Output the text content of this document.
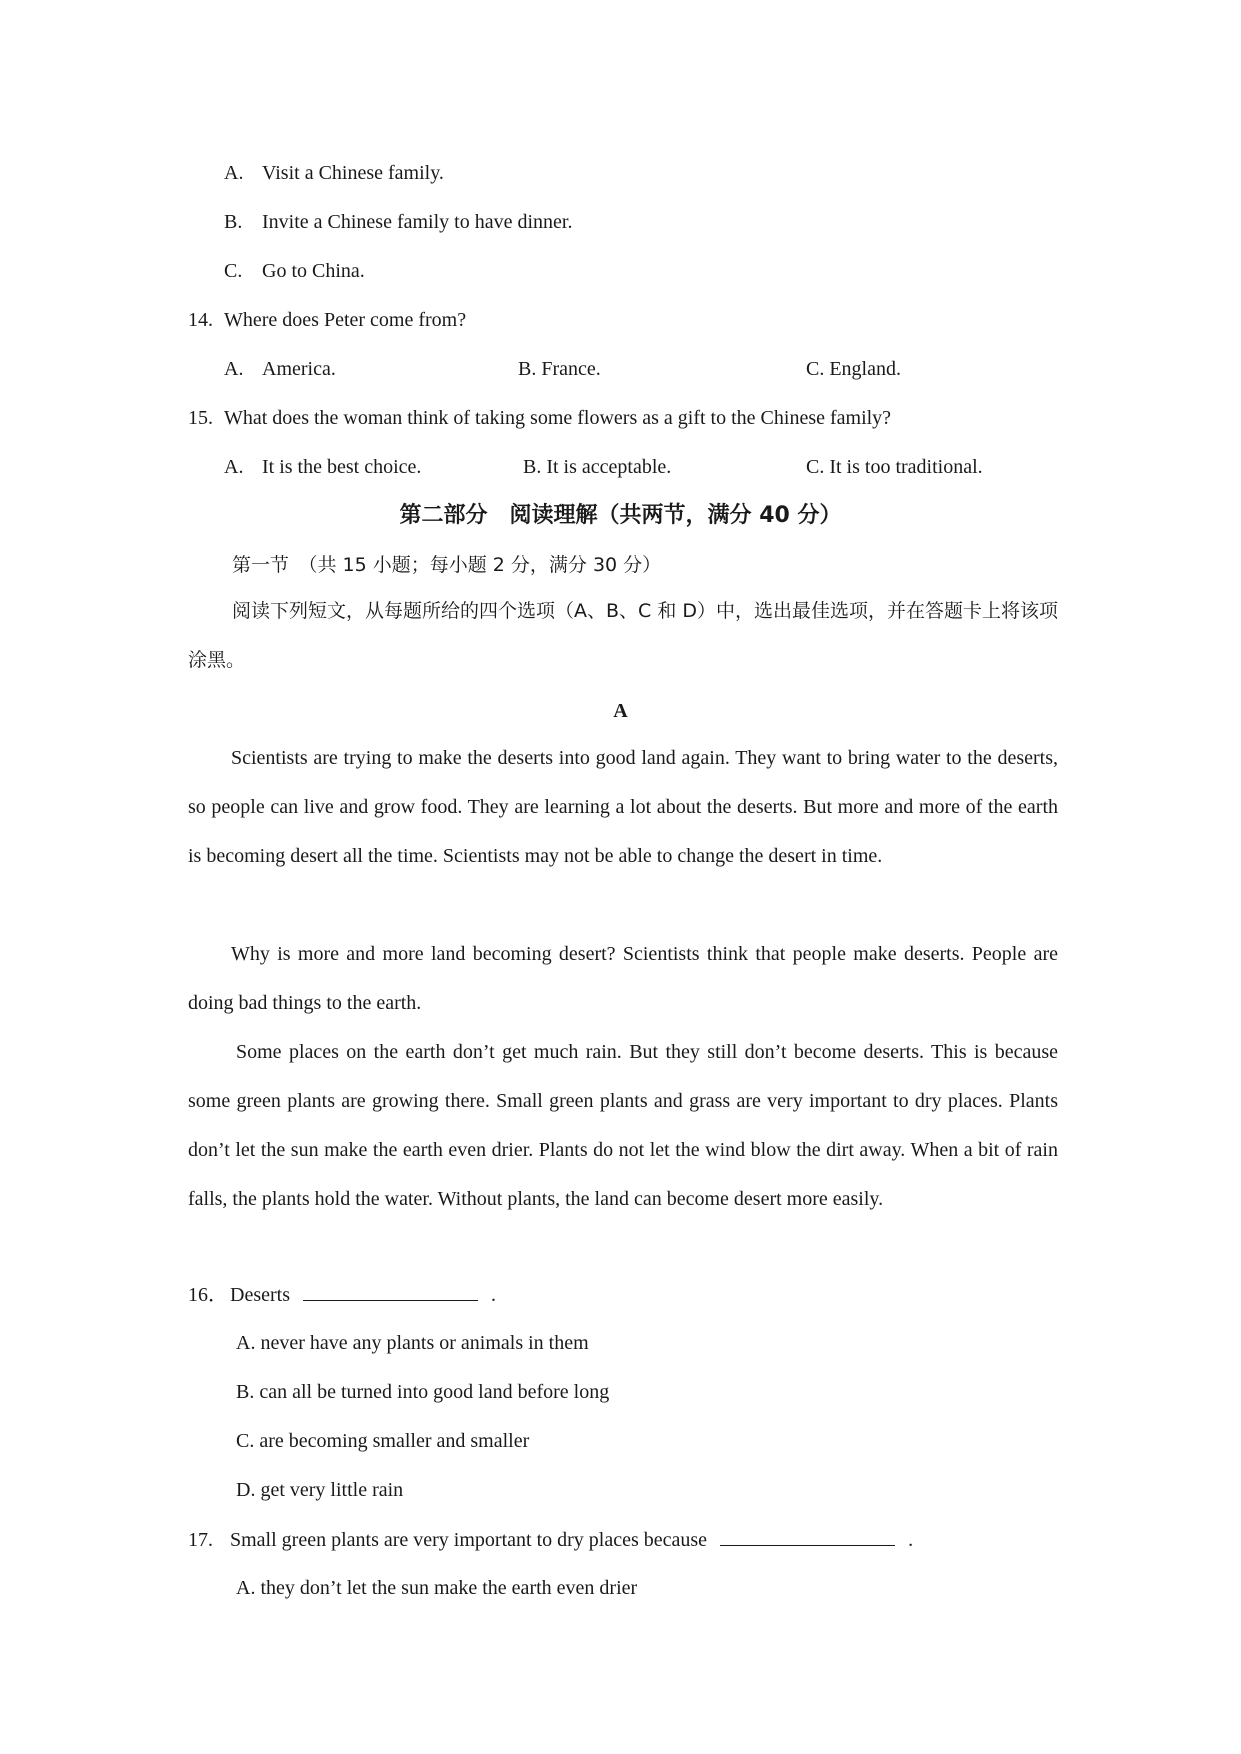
A. Visit a Chinese family.
B. Invite a Chinese family to have dinner.
C. Go to China.
14. Where does Peter come from?
A. America.	B. France.	C. England.
15. What does the woman think of taking some flowers as a gift to the Chinese family?
A. It is the best choice.	B. It is acceptable.	C. It is too traditional.
第二部分　阅读理解（共两节，满分 40 分）
第一节　（共 15 小题；每小题 2 分，满分 30 分）
阅读下列短文，从每题所给的四个选项（A、B、C 和 D）中，选出最佳选项，并在答题卡上将该项涂黑。
A
Scientists are trying to make the deserts into good land again. They want to bring water to the deserts, so people can live and grow food. They are learning a lot about the deserts. But more and more of the earth is becoming desert all the time. Scientists may not be able to change the desert in time.
Why is more and more land becoming desert? Scientists think that people make deserts. People are doing bad things to the earth.
Some places on the earth don’t get much rain. But they still don’t become deserts. This is because some green plants are growing there. Small green plants and grass are very important to dry places. Plants don’t let the sun make the earth even drier. Plants do not let the wind blow the dirt away. When a bit of rain falls, the plants hold the water. Without plants, the land can become desert more easily.
16． Deserts	.
A. never have any plants or animals in them
B. can all be turned into good land before long
C. are becoming smaller and smaller
D. get very little rain
17. Small green plants are very important to dry places because	.
A. they don’t let the sun make the earth even drier
